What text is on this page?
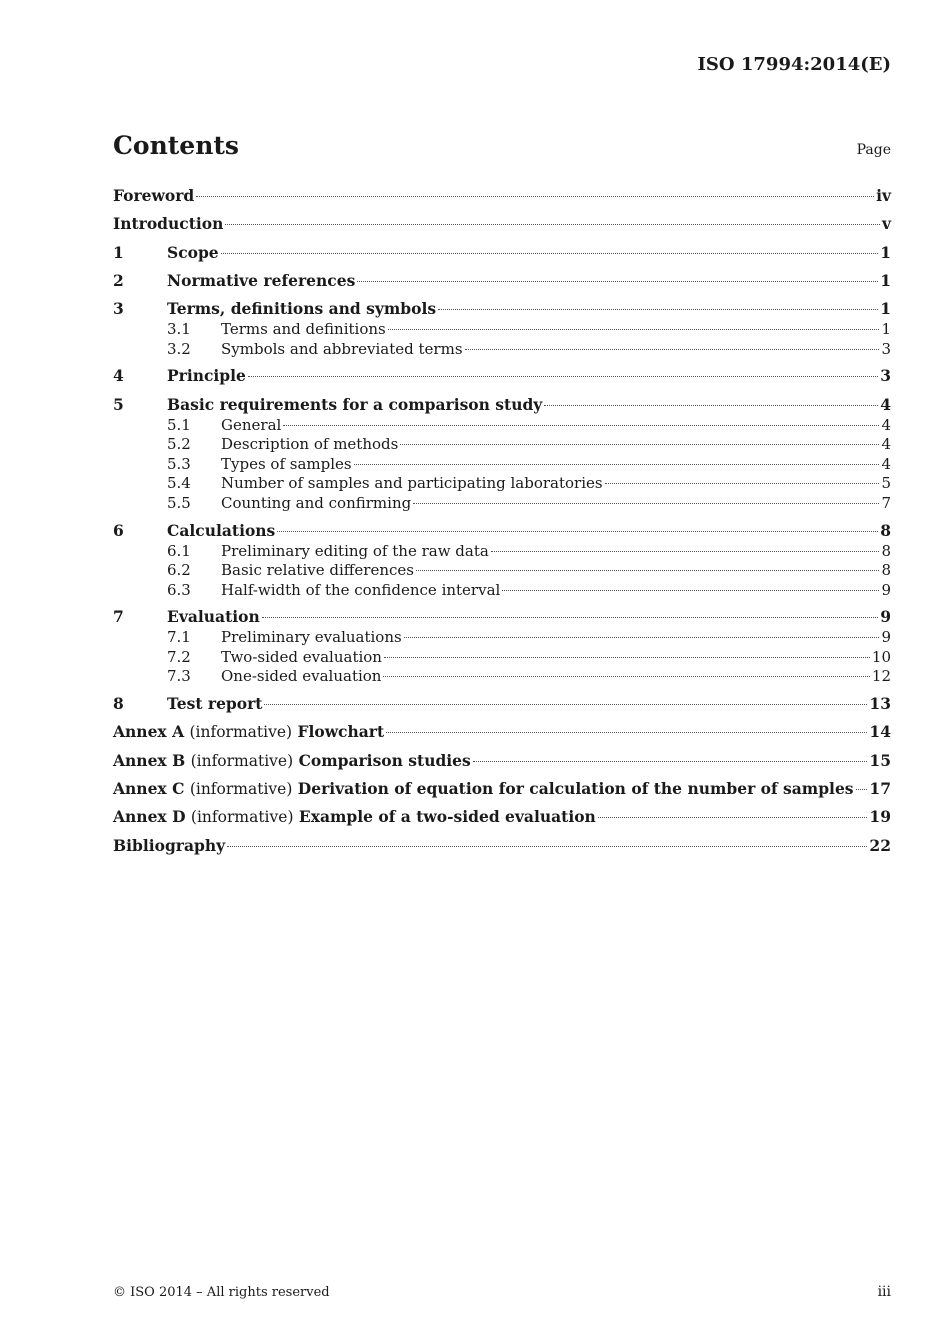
ISO 17994:2014(E)
Contents	Page
Foreword	iv
Introduction	v
1	Scope	1
2	Normative references	1
3	Terms, definitions and symbols	1
3.1	Terms and definitions	1
3.2	Symbols and abbreviated terms	3
4	Principle	3
5	Basic requirements for a comparison study	4
5.1	General	4
5.2	Description of methods	4
5.3	Types of samples	4
5.4	Number of samples and participating laboratories	5
5.5	Counting and confirming	7
6	Calculations	8
6.1	Preliminary editing of the raw data	8
6.2	Basic relative differences	8
6.3	Half-width of the confidence interval	9
7	Evaluation	9
7.1	Preliminary evaluations	9
7.2	Two-sided evaluation	10
7.3	One-sided evaluation	12
8	Test report	13
Annex A (informative) Flowchart	14
Annex B (informative) Comparison studies	15
Annex C (informative) Derivation of equation for calculation of the number of samples 17
Annex D (informative) Example of a two-sided evaluation	19
Bibliography	22
© ISO 2014 – All rights reserved	iii
